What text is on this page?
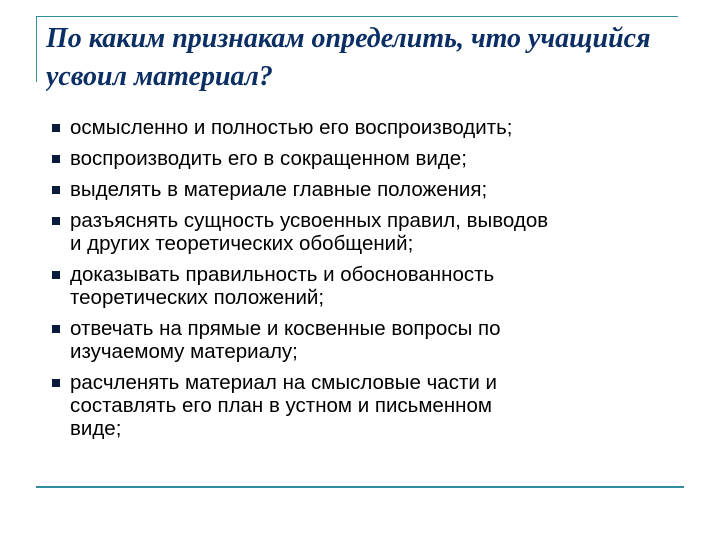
По каким признакам определить, что учащийся
усвоил материал?
осмысленно и полностью его воспроизводить;
воспроизводить его в сокращенном виде;
выделять в материале главные положения;
разъяснять сущность усвоенных правил, выводов
и других теоретических обобщений;
доказывать правильность и обоснованность
теоретических положений;
отвечать на прямые и косвенные вопросы по
изучаемому материалу;
расчленять материал на смысловые части и
составлять его план в устном и письменном
виде;
